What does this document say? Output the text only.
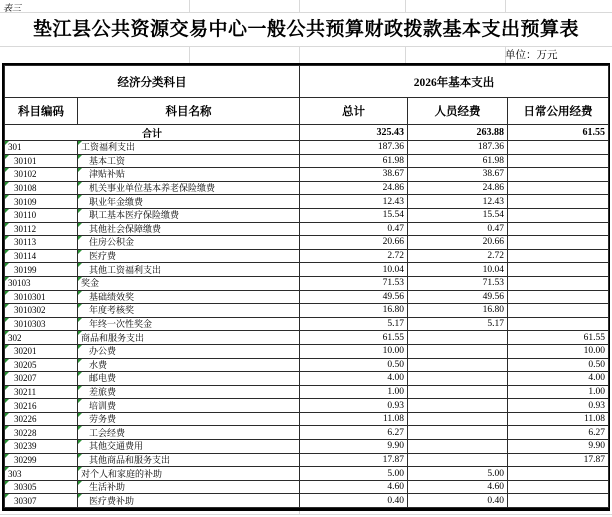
表三
垫江县公共资源交易中心一般公共预算财政拨款基本支出预算表
单位：万元
经济分类科目		2026年基本支出		
科目编码	科目名称	总计	人员经费	日常公用经费
合计		325.43	263.88	61.55

301	工资福利支出	187.36	187.36	

30101	基本工资	61.98	61.98	

30102	津贴补贴	38.67	38.67	

30108	机关事业单位基本养老保险缴费	24.86	24.86	

30109	职业年金缴费	12.43	12.43	

30110	职工基本医疗保险缴费	15.54	15.54	

30112	其他社会保障缴费	0.47	0.47	

30113	住房公积金	20.66	20.66	

30114	医疗费	2.72	2.72	

30199	其他工资福利支出	10.04	10.04	

30103	奖金	71.53	71.53	

3010301	基础绩效奖	49.56	49.56	

3010302	年度考核奖	16.80	16.80	

3010303	年终一次性奖金	5.17	5.17	

302	商品和服务支出	61.55		61.55

30201	办公费	10.00		10.00

30205	水费	0.50		0.50

30207	邮电费	4.00		4.00

30211	差旅费	1.00		1.00

30216	培训费	0.93		0.93

30226	劳务费	11.08		11.08

30228	工会经费	6.27		6.27

30239	其他交通费用	9.90		9.90

30299	其他商品和服务支出	17.87		17.87

303	对个人和家庭的补助	5.00	5.00	

30305	生活补助	4.60	4.60	

30307	医疗费补助	0.40	0.40	
